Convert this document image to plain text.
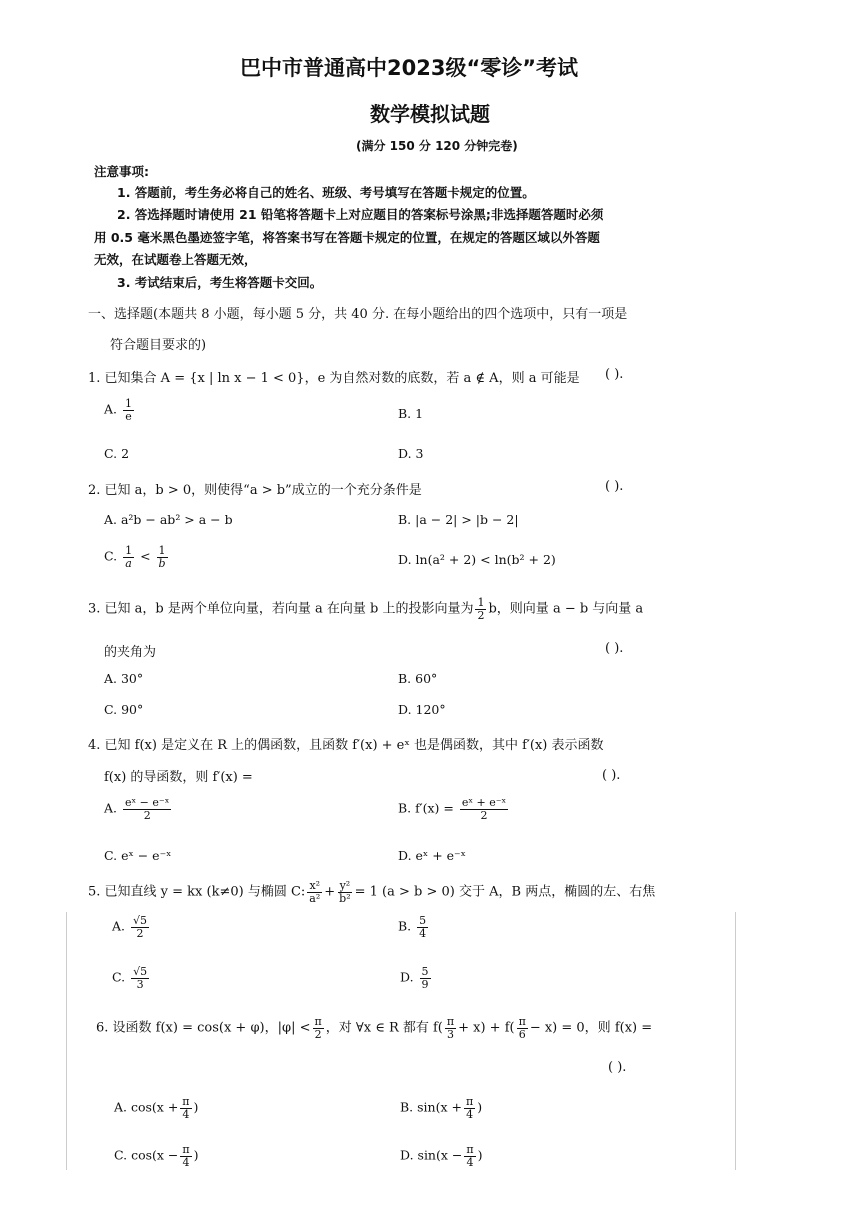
巴中市普通高中2023级“零诊”考试
数学模拟试题
(满分 150 分 120 分钟完卷)
注意事项:
1. 答题前，考生务必将自己的姓名、班级、考号填写在答题卡规定的位置。
2. 答选择题时请使用 21 铅笔将答题卡上对应题目的答案标号涂黑;非选择题答题时必须
用 0.5 毫米黑色墨迹签字笔，将答案书写在答题卡规定的位置，在规定的答题区域以外答题
无效，在试题卷上答题无效，
3. 考试结束后，考生将答题卡交回。
一、选择题(本题共 8 小题，每小题 5 分，共 40 分. 在每小题给出的四个选项中，只有一项是
符合题目要求的)
1. 已知集合 A = {x | ln x − 1 < 0}，e 为自然对数的底数，若 a ∉ A，则 a 可能是 ( ).
A. $\frac{1}{e}$	B. 1
C. 2	D. 3
2. 已知 a，b > 0，则使得“a > b”成立的一个充分条件是	( ).
A. a²b − ab² > a − b	B. |a − 2| > |b − 2|
C. $\frac{1}{a} < \frac{1}{b}$	D. ln(a² + 2) < ln(b² + 2)
3. 已知 a，b 是两个单位向量，若向量 a 在向量 b 上的投影向量为 $\frac{1}{2}$ b，则向量 a − b 与向量 a
的夹角为	( ).
A. 30°	B. 60°
C. 90°	D. 120°
4. 已知 f(x) 是定义在 R 上的偶函数，且函数 f′(x) + eˣ 也是偶函数，其中 f′(x) 表示函数
f(x) 的导函数，则 f′(x) =	( ).
A. $\frac{\text{eˣ − e⁻ˣ}}{2}$	B. $f'(x) = \frac{\text{eˣ + e⁻ˣ}}{2}$
C. eˣ − e⁻ˣ	D. eˣ + e⁻ˣ
5. 已知直线 y = kx (k≠0) 与椭圆 C: $\frac{\text{x²}}{\text{a²}} + \frac{\text{y²}}{\text{b²}} = 1$ (a > b > 0) 交于 A，B 两点，椭圆的左、右焦
A. $\frac{√5}{2}$	B. $\frac{5}{4}$
C. $\frac{√5}{3}$	D. $\frac{5}{9}$
6. 设函数 f(x) = cos(x + φ)，$|\varphi| < \frac{\pi}{2}$ ，对 ∀x ∈ R 都有 $f( \frac{\pi}{3} + x) + f( \frac{\pi}{6} - x) = 0$，则 f(x) =
( ).
A. $\cos(x + \frac{\pi}{4}$ )	B. $\sin(x + \frac{\pi}{4}$ )
C. $\cos(x - \frac{\pi}{4}$ )	D. $\sin(x - \frac{\pi}{4}$ )
